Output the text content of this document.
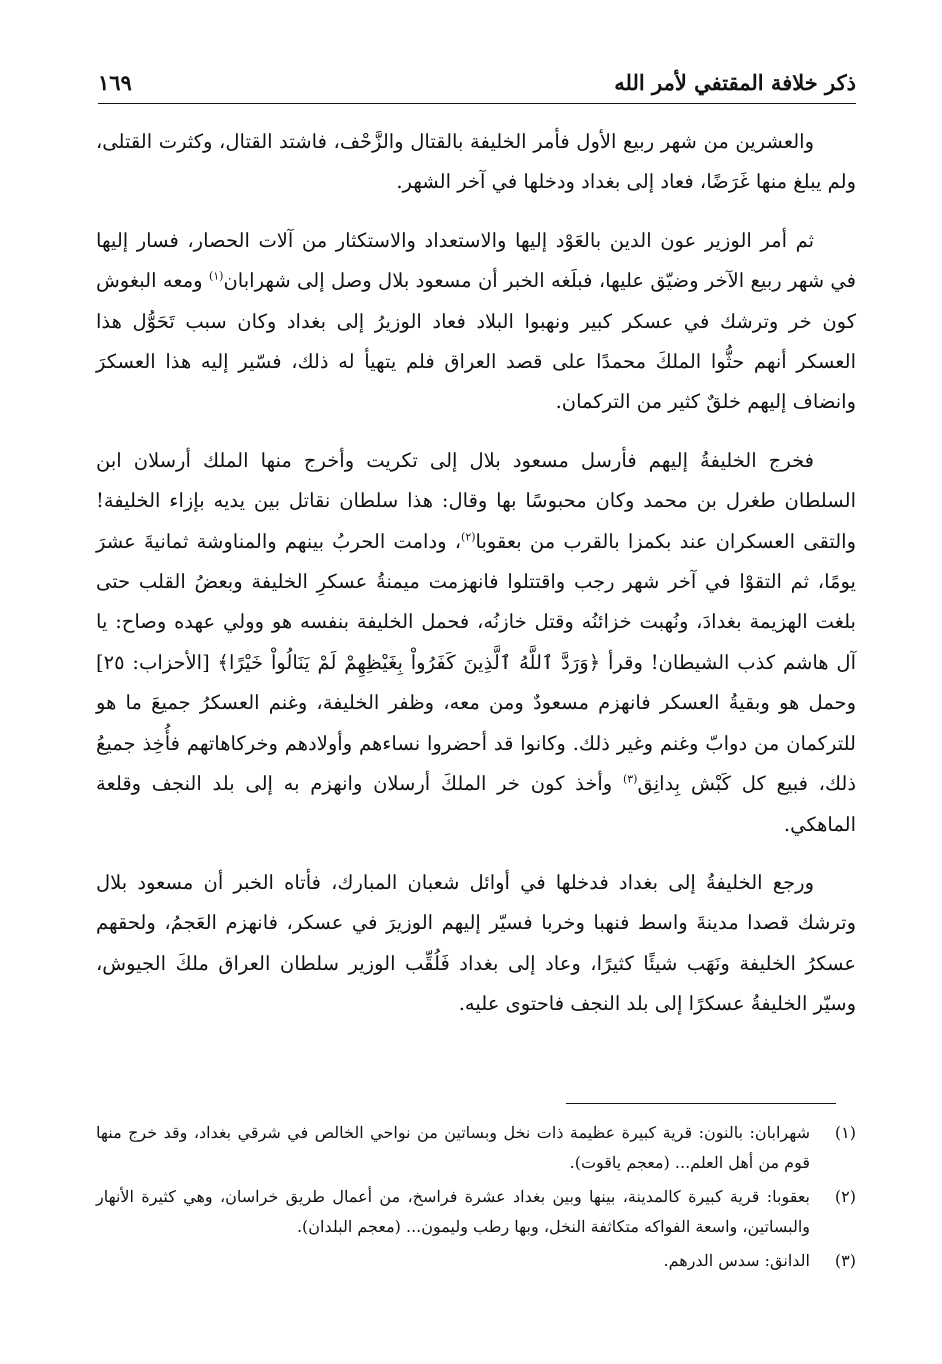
ذكر خلافة المقتفي لأمر الله
١٦٩

والعشرين من شهر ربيع الأول فأمر الخليفة بالقتال والزَّحْف، فاشتد القتال، وكثرت القتلى، ولم يبلغ منها غَرَضًا، فعاد إلى بغداد ودخلها في آخر الشهر.

ثم أمر الوزير عون الدين بالعَوْد إليها والاستعداد والاستكثار من آلات الحصار، فسار إليها في شهر ربيع الآخر وضيّق عليها، فبلَغه الخبر أن مسعود بلال وصل إلى شهرابان$^{(١)}$ ومعه البغوش كون خر وترشك في عسكر كبير ونهبوا البلاد فعاد الوزيرُ إلى بغداد وكان سبب تَحَوُّل هذا العسكر أنهم حثُّوا الملكَ محمدًا على قصد العراق فلم يتهيأ له ذلك، فسّير إليه هذا العسكرَ وانضاف إليهم خلقٌ كثير من التركمان.

فخرج الخليفةُ إليهم فأرسل مسعود بلال إلى تكريت وأخرج منها الملك أرسلان ابن السلطان طغرل بن محمد وكان محبوسًا بها وقال: هذا سلطان نقاتل بين يديه بإزاء الخليفة! والتقى العسكران عند بكمزا بالقرب من بعقوبا$^{(٢)}$، ودامت الحربُ بينهم والمناوشة ثمانيةَ عشرَ يومًا، ثم التقوْا في آخر شهر رجب واقتتلوا فانهزمت ميمنةُ عسكرِ الخليفة وبعضُ القلب حتى بلغت الهزيمة بغدادَ، ونُهبت خزائنُه وقتل خازنُه، فحمل الخليفة بنفسه هو وولي عهده وصاح: يا آل هاشم كذب الشيطان! وقرأ ﴿وَرَدَّ ٱللَّهُ ٱلَّذِينَ كَفَرُواْ بِغَيْظِهِمْ لَمْ يَنَالُواْ خَيْرًا﴾ [الأحزاب: ٢٥] وحمل هو وبقيةُ العسكر فانهزم مسعودٌ ومن معه، وظفر الخليفة، وغنم العسكرُ جميعَ ما هو للتركمان من دوابّ وغنم وغير ذلك. وكانوا قد أحضروا نساءهم وأولادهم وخركاهاتهم فأُخِذ جميعُ ذلك، فبيع كل كَبْش بِدانِق$^{(٣)}$ وأخذ كون خر الملكَ أرسلان وانهزم به إلى بلد النجف وقلعة الماهكي.

ورجع الخليفةُ إلى بغداد فدخلها في أوائل شعبان المبارك، فأتاه الخبر أن مسعود بلال وترشك قصدا مدينةَ واسط فنهبا وخربا فسيّر إليهم الوزيرَ في عسكر، فانهزم العَجمُ، ولحقهم عسكرُ الخليفة ونَهَب شيئًا كثيرًا، وعاد إلى بغداد فَلُقِّب الوزير سلطان العراق ملكَ الجيوش، وسيّر الخليفةُ عسكرًا إلى بلد النجف فاحتوى عليه.

(١)
شهرابان: بالنون: قرية كبيرة عظيمة ذات نخل وبساتين من نواحي الخالص في شرقي بغداد، وقد خرج منها قوم من أهل العلم... (معجم ياقوت).
(٢)
بعقوبا: قرية كبيرة كالمدينة، بينها وبين بغداد عشرة فراسخ، من أعمال طريق خراسان، وهي كثيرة الأنهار والبساتين، واسعة الفواكه متكاثفة النخل، وبها رطب وليمون... (معجم البلدان).
(٣)
الدانق: سدس الدرهم.
